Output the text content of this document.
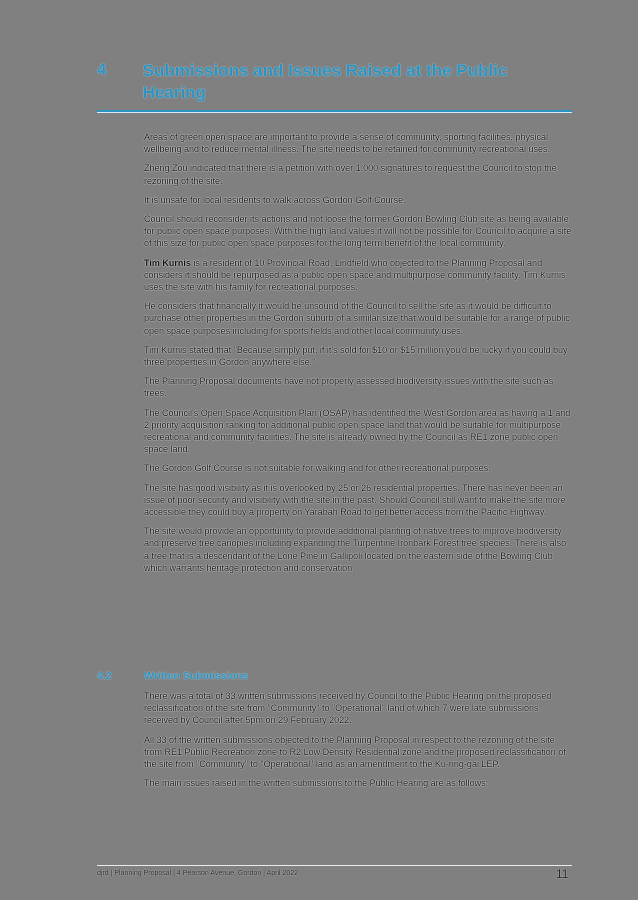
4	Submissions and Issues Raised at the Public Hearing

Areas of green open space are important to provide a sense of community, sporting facilities, physical wellbeing and to reduce mental illness. The site needs to be retained for community recreational uses.

Zheng Zou indicated that there is a petition with over 1,000 signatures to request the Council to stop the rezoning of the site.

It is unsafe for local residents to walk across Gordon Golf Course.

Council should reconsider its actions and not loose the former Gordon Bowling Club site as being available for public open space purposes. With the high land values it will not be possible for Council to acquire a site of this size for public open space purposes for the long term benefit of the local community.

Tim Kurnis is a resident of 10 Provincial Road, Lindfield who objected to the Planning Proposal and considers it should be repurposed as a public open space and multipurpose community facility. Tim Kurnis uses the site with his family for recreational purposes.

He considers that financially it would be unsound of the Council to sell the site as it would be difficult to purchase other properties in the Gordon suburb of a similar size that would be suitable for a range of public open space purposes including for sports fields and other local community uses.

Tim Kurnis stated that "Because simply put, if it's sold for $10 or $15 million you'd be lucky if you could buy three properties in Gordon anywhere else."

The Planning Proposal documents have not properly assessed biodiversity issues with the site such as trees.

The Council's Open Space Acquisition Plan (OSAP) has identified the West Gordon area as having a 1 and 2 priority acquisition ranking for additional public open space land that would be suitable for multipurpose recreational and community facilities. The site is already owned by the Council as RE1 zone public open space land.

The Gordon Golf Course is not suitable for walking and for other recreational purposes.

The site has good visibility as it is overlooked by 25 or 26 residential properties. There has never been an issue of poor security and visibility with the site in the past. Should Council still want to make the site more accessible they could buy a property on Yarabah Road to get better access from the Pacific Highway.

The site would provide an opportunity to provide additional planting of native trees to improve biodiversity and preserve tree canopies including expanding the Turpentine Ironbark Forest tree species. There is also a tree that is a descendant of the Lone Pine in Gallipoli located on the eastern side of the Bowling Club which warrants heritage protection and conservation.

4.2	Written Submissions

There was a total of 33 written submissions received by Council to the Public Hearing on the proposed reclassification of the site from "Community" to "Operational" land of which 7 were late submissions received by Council after 5pm on 29 February 2022.

All 33 of the written submissions objected to the Planning Proposal in respect to the rezoning of the site from RE1 Public Recreation zone to R2 Low Density Residential zone and the proposed reclassification of the site from "Community" to "Operational" land as an amendment to the Ku-ring-gai LEP.

The main issues raised in the written submissions to the Public Hearing are as follows:

djrd | Planning Proposal | 4 Pearson Avenue, Gordon | April 2022	11
